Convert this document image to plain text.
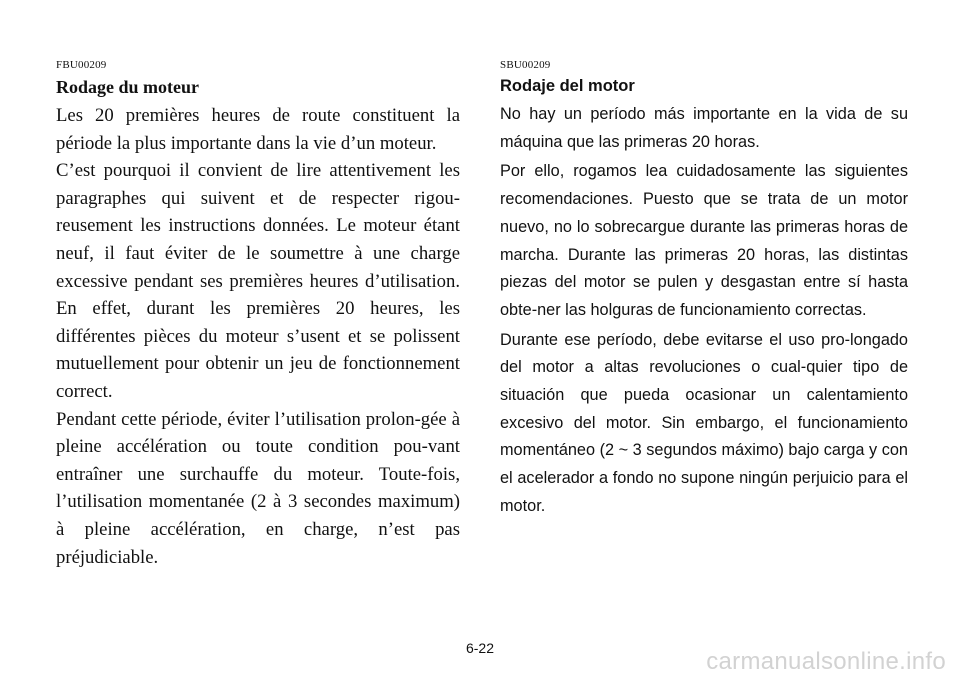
FBU00209
Rodage du moteur

Les 20 premières heures de route constituent la période la plus importante dans la vie d’un moteur.

C’est pourquoi il convient de lire attentivement les paragraphes qui suivent et de respecter rigou-reusement les instructions données. Le moteur étant neuf, il faut éviter de le soumettre à une charge excessive pendant ses premières heures d’utilisation. En effet, durant les premières 20 heures, les différentes pièces du moteur s’usent et se polissent mutuellement pour obtenir un jeu de fonctionnement correct.

Pendant cette période, éviter l’utilisation prolon-gée à pleine accélération ou toute condition pou-vant entraîner une surchauffe du moteur. Toute-fois, l’utilisation momentanée (2 à 3 secondes maximum) à pleine accélération, en charge, n’est pas préjudiciable.

SBU00209
Rodaje del motor

No hay un período más importante en la vida de su máquina que las primeras 20 horas.

Por ello, rogamos lea cuidadosamente las siguientes recomendaciones. Puesto que se trata de un motor nuevo, no lo sobrecargue durante las primeras horas de marcha. Durante las primeras 20 horas, las distintas piezas del motor se pulen y desgastan entre sí hasta obte-ner las holguras de funcionamiento correctas.

Durante ese período, debe evitarse el uso pro-longado del motor a altas revoluciones o cual-quier tipo de situación que pueda ocasionar un calentamiento excesivo del motor. Sin embargo, el funcionamiento momentáneo (2 ~ 3 segundos máximo) bajo carga y con el acelerador a fondo no supone ningún perjuicio para el motor.

6-22	carmanualsonline.info
